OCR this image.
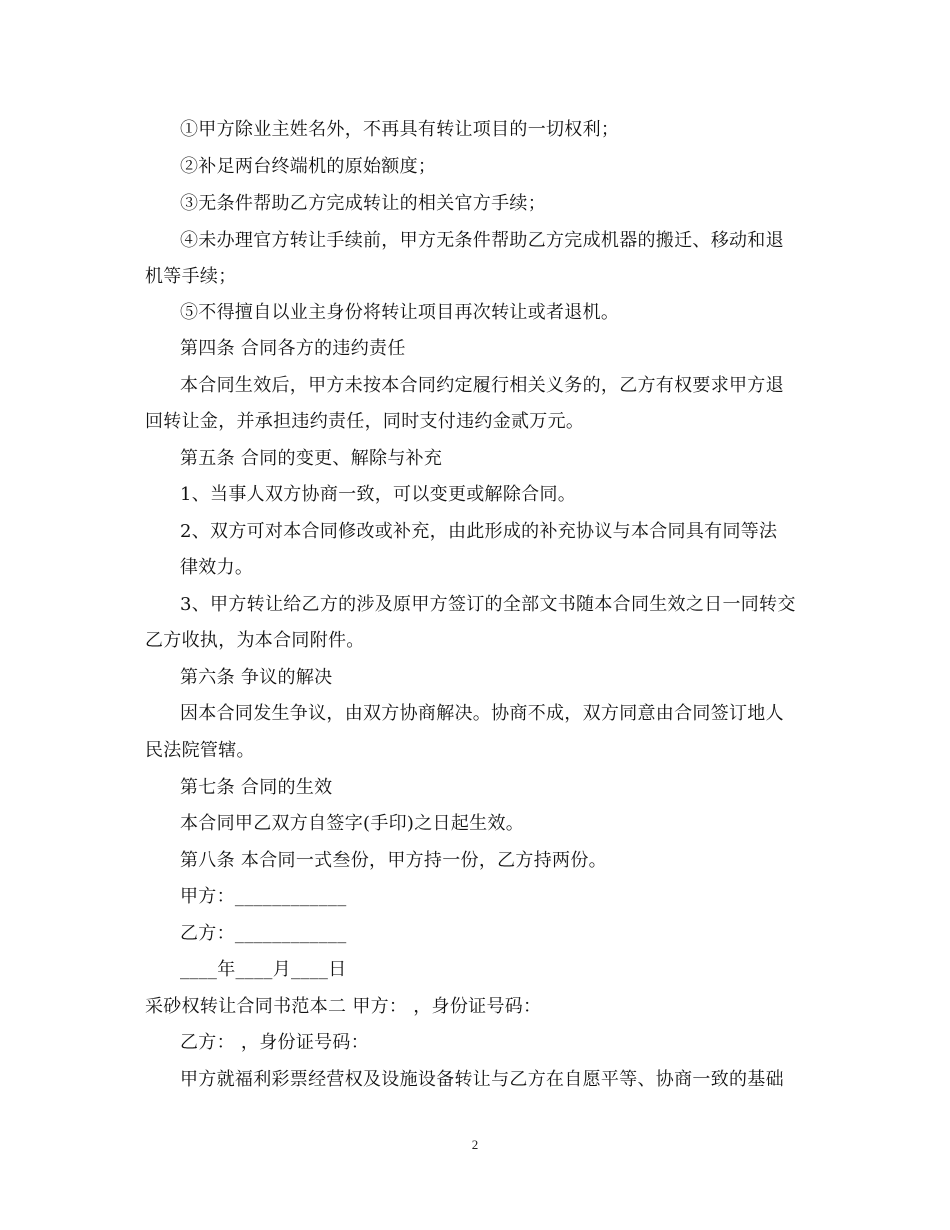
①甲方除业主姓名外，不再具有转让项目的一切权利；
②补足两台终端机的原始额度；
③无条件帮助乙方完成转让的相关官方手续；
④未办理官方转让手续前，甲方无条件帮助乙方完成机器的搬迁、移动和退
机等手续；
⑤不得擅自以业主身份将转让项目再次转让或者退机。
第四条 合同各方的违约责任
本合同生效后，甲方未按本合同约定履行相关义务的，乙方有权要求甲方退
回转让金，并承担违约责任，同时支付违约金贰万元。
第五条 合同的变更、解除与补充
1、当事人双方协商一致，可以变更或解除合同。
2、双方可对本合同修改或补充，由此形成的补充协议与本合同具有同等法
律效力。
3、甲方转让给乙方的涉及原甲方签订的全部文书随本合同生效之日一同转交
乙方收执，为本合同附件。
第六条 争议的解决
因本合同发生争议，由双方协商解决。协商不成，双方同意由合同签订地人
民法院管辖。
第七条 合同的生效
本合同甲乙双方自签字(手印)之日起生效。
第八条 本合同一式叁份，甲方持一份，乙方持两份。
甲方：____________
乙方：____________
____年____月____日
采砂权转让合同书范本二 甲方： ，身份证号码：
乙方： ，身份证号码：
甲方就福利彩票经营权及设施设备转让与乙方在自愿平等、协商一致的基础
2
